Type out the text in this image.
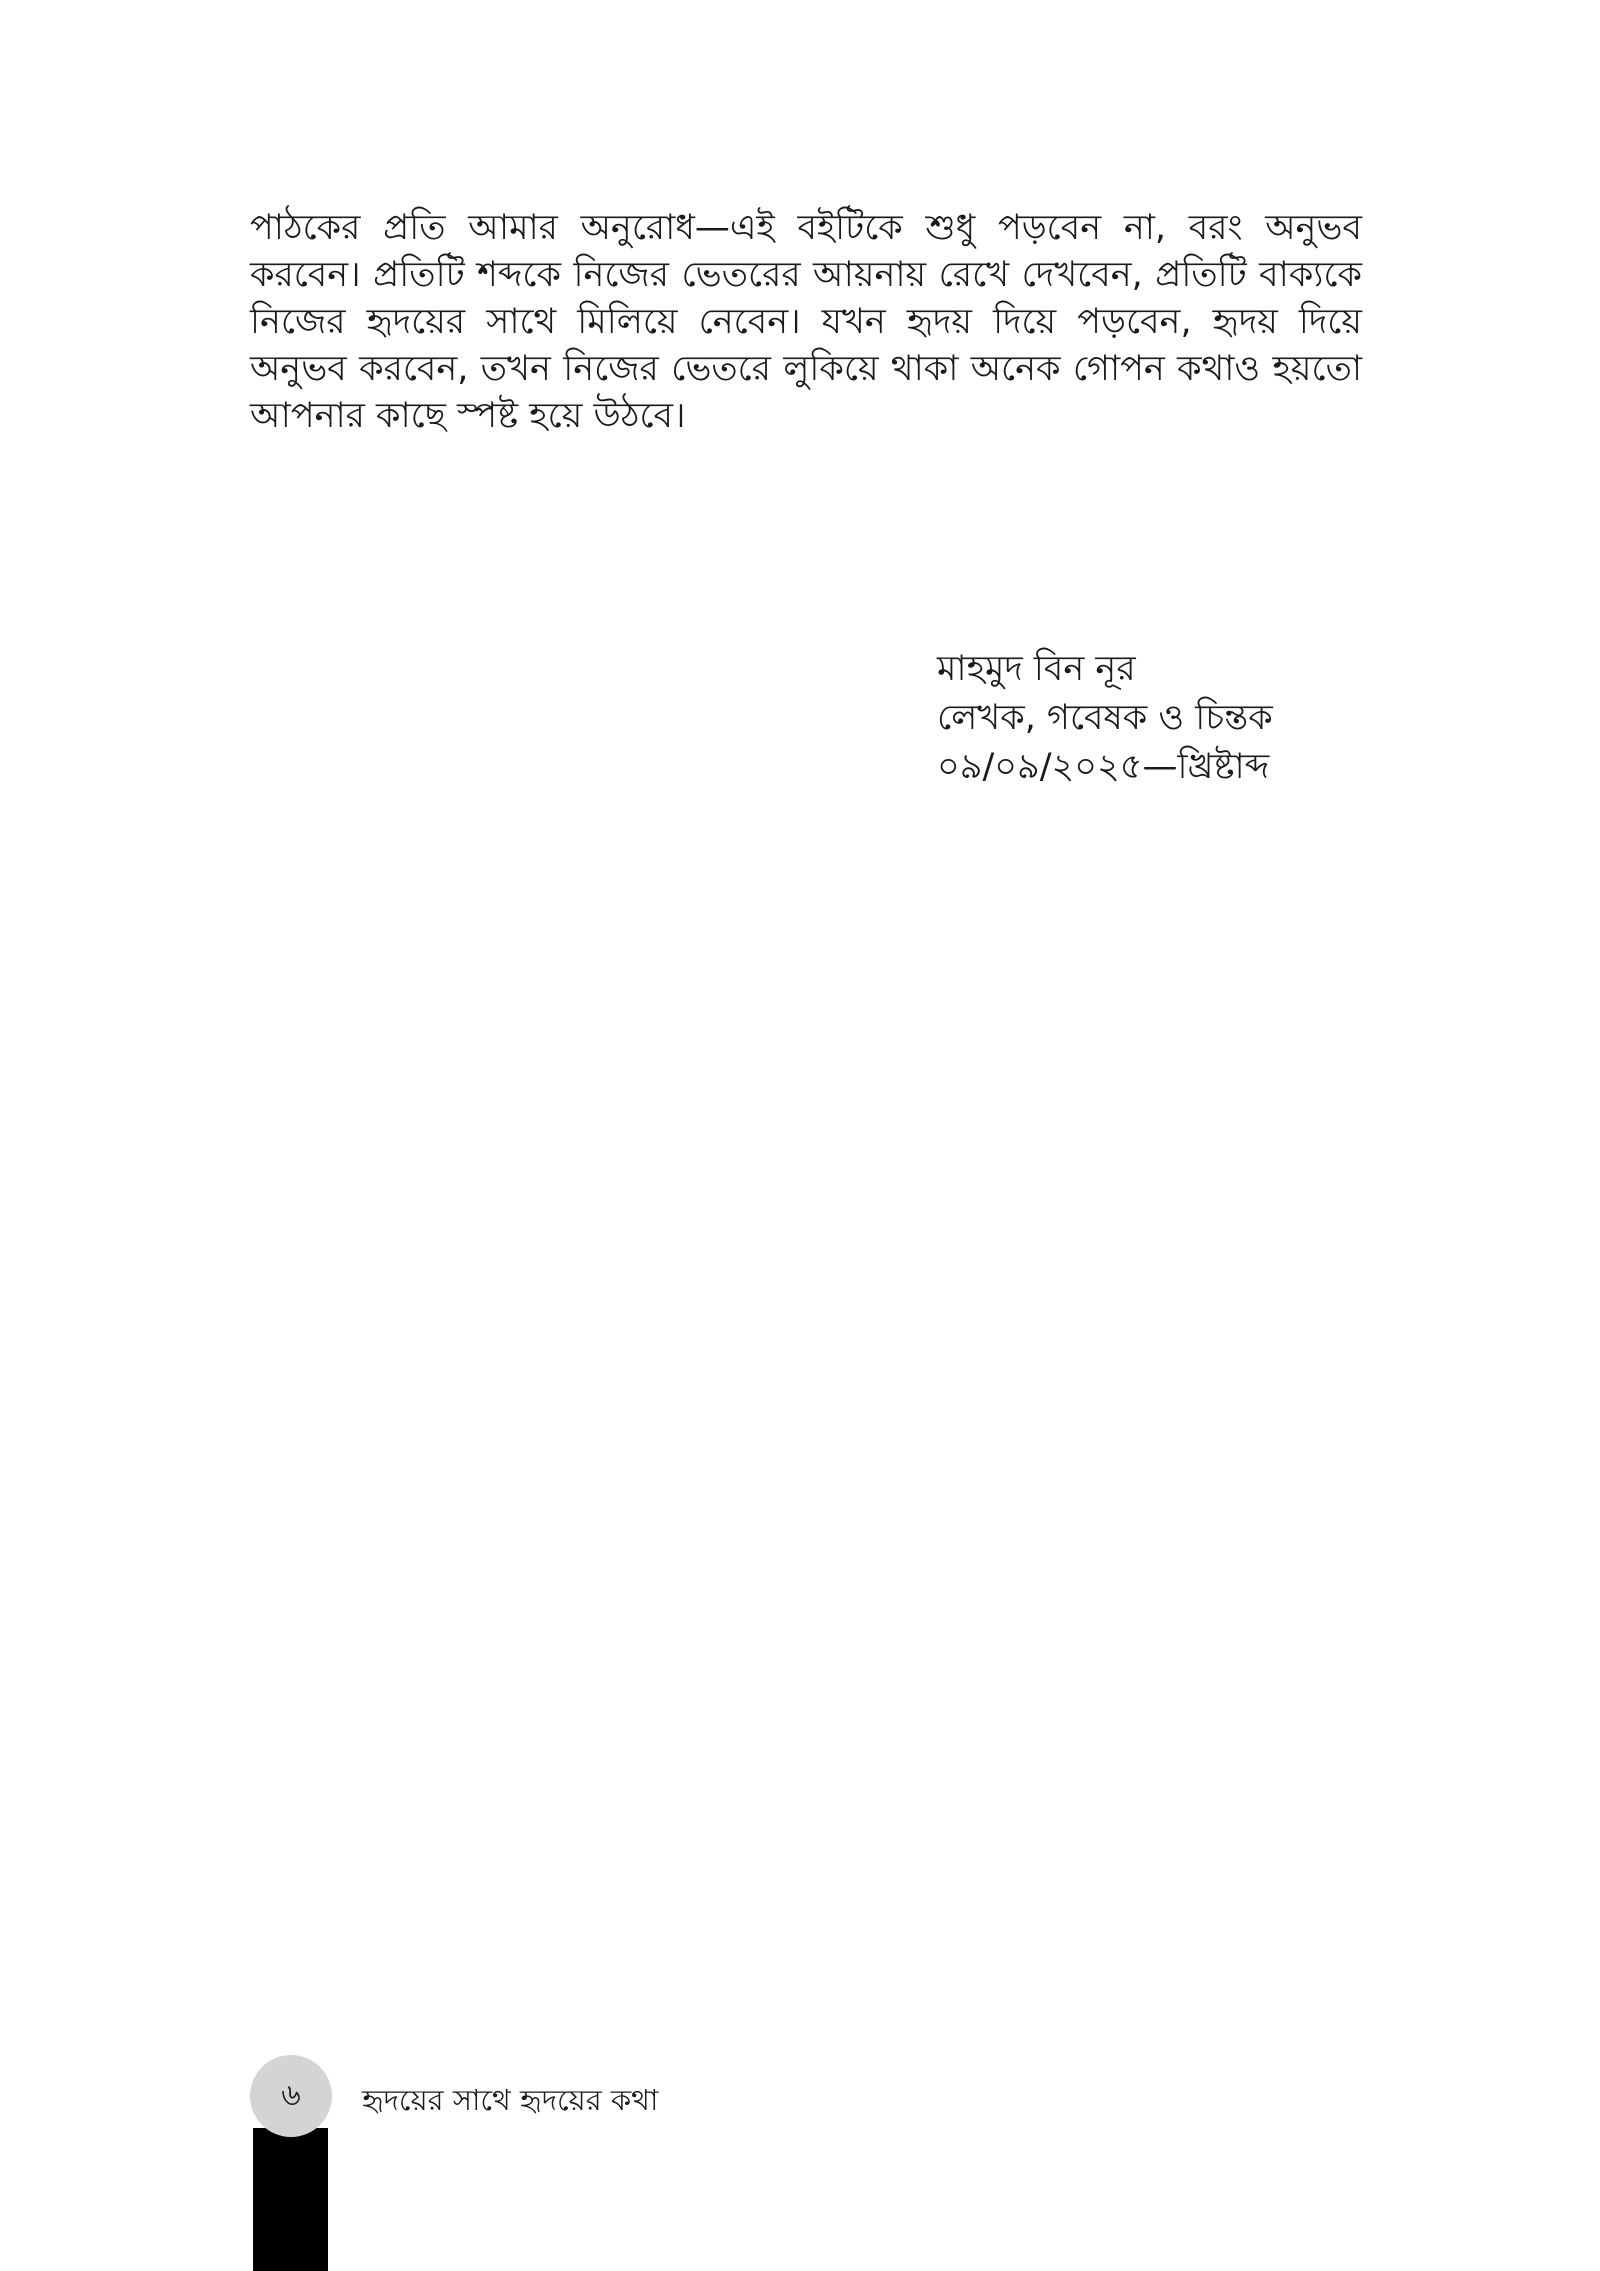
পাঠকের প্রতি আমার অনুরোধ—এই বইটিকে শুধু পড়বেন না, বরং অনুভব করবেন। প্রতিটি শব্দকে নিজের ভেতরের আয়নায় রেখে দেখবেন, প্রতিটি বাক্যকে নিজের হৃদয়ের সাথে মিলিয়ে নেবেন। যখন হৃদয় দিয়ে পড়বেন, হৃদয় দিয়ে অনুভব করবেন, তখন নিজের ভেতরে লুকিয়ে থাকা অনেক গোপন কথাও হয়তো আপনার কাছে স্পষ্ট হয়ে উঠবে।

মাহমুদ বিন নূর
লেখক, গবেষক ও চিন্তক
০৯/০৯/২০২৫—খ্রিষ্টাব্দ
৬ হৃদয়ের সাথে হৃদয়ের কথা
